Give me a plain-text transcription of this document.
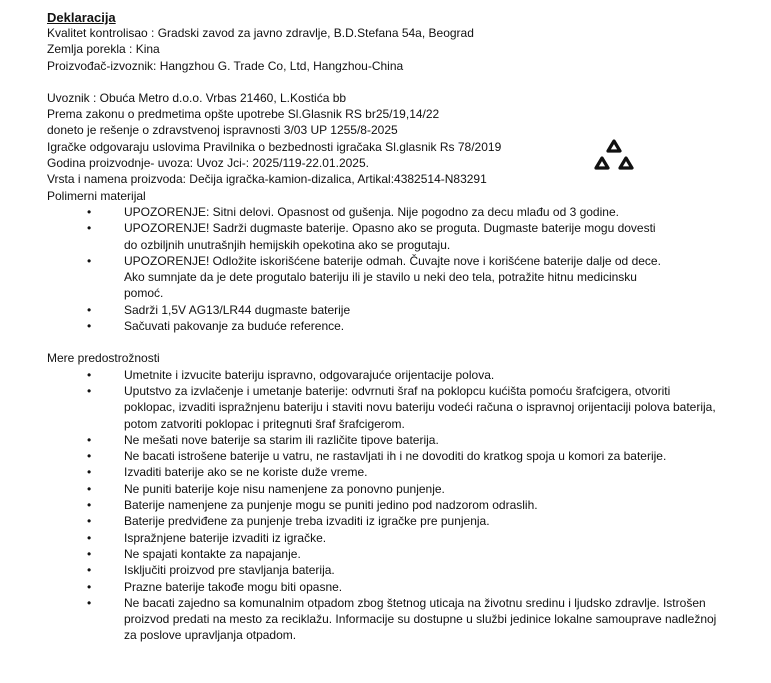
Deklaracija
Kvalitet kontrolisao : Gradski zavod za javno zdravlje, B.D.Stefana 54a, Beograd
Zemlja porekla : Kina
Proizvođač-izvoznik: Hangzhou G. Trade Co, Ltd, Hangzhou-China
Uvoznik : Obuća Metro d.o.o. Vrbas 21460, L.Kostića bb
Prema zakonu o predmetima opšte upotrebe Sl.Glasnik RS br25/19,14/22
doneto je rešenje o zdravstvenoj ispravnosti 3/03 UP 1255/8-2025
Igračke odgovaraju uslovima Pravilnika o bezbednosti igračaka Sl.glasnik Rs 78/2019
Godina proizvodnje- uvoza: Uvoz Jci-: 2025/119-22.01.2025.
Vrsta i namena proizvoda: Dečija igračka-kamion-dizalica, Artikal:4382514-N83291
Polimerni materijal
•	UPOZORENJE: Sitni delovi. Opasnost od gušenja. Nije pogodno za decu mlađu od 3 godine.
•	UPOZORENJE! Sadrži dugmaste baterije. Opasno ako se proguta. Dugmaste baterije mogu dovesti do ozbiljnih unutrašnjih hemijskih opekotina ako se progutaju.
•	UPOZORENJE! Odložite iskorišćene baterije odmah. Čuvajte nove i korišćene baterije dalje od dece. Ako sumnjate da je dete progutalo bateriju ili je stavilo u neki deo tela, potražite hitnu medicinsku pomoć.
•	Sadrži 1,5V AG13/LR44 dugmaste baterije
•	Sačuvati pakovanje za buduće reference.
Mere predostrožnosti
•	Umetnite i izvucite bateriju ispravno, odgovarajuće orijentacije polova.
•	Uputstvo za izvlačenje i umetanje baterije: odvrnuti šraf na poklopcu kućišta pomoću šrafcigera, otvoriti poklopac, izvaditi ispražnjenu bateriju i staviti novu bateriju vodeći računa o ispravnoj orijentaciji polova baterija, potom zatvoriti poklopac i pritegnuti šraf šrafcigerom.
•	Ne mešati nove baterije sa starim ili različite tipove baterija.
•	Ne bacati istrošene baterije u vatru, ne rastavljati ih i ne dovoditi do kratkog spoja u komori za baterije.
•	Izvaditi baterije ako se ne koriste duže vreme.
•	Ne puniti baterije koje nisu namenjene za ponovno punjenje.
•	Baterije namenjene za punjenje mogu se puniti jedino pod nadzorom odraslih.
•	Baterije predviđene za punjenje treba izvaditi iz igračke pre punjenja.
•	Ispražnjene baterije izvaditi iz igračke.
•	Ne spajati kontakte za napajanje.
•	Isključiti proizvod pre stavljanja baterija.
•	Prazne baterije takođe mogu biti opasne.
•	Ne bacati zajedno sa komunalnim otpadom zbog štetnog uticaja na životnu sredinu i ljudsko zdravlje. Istrošen proizvod predati na mesto za reciklažu. Informacije su dostupne u službi jedinice lokalne samouprave nadležnoj za poslove upravljanja otpadom.
